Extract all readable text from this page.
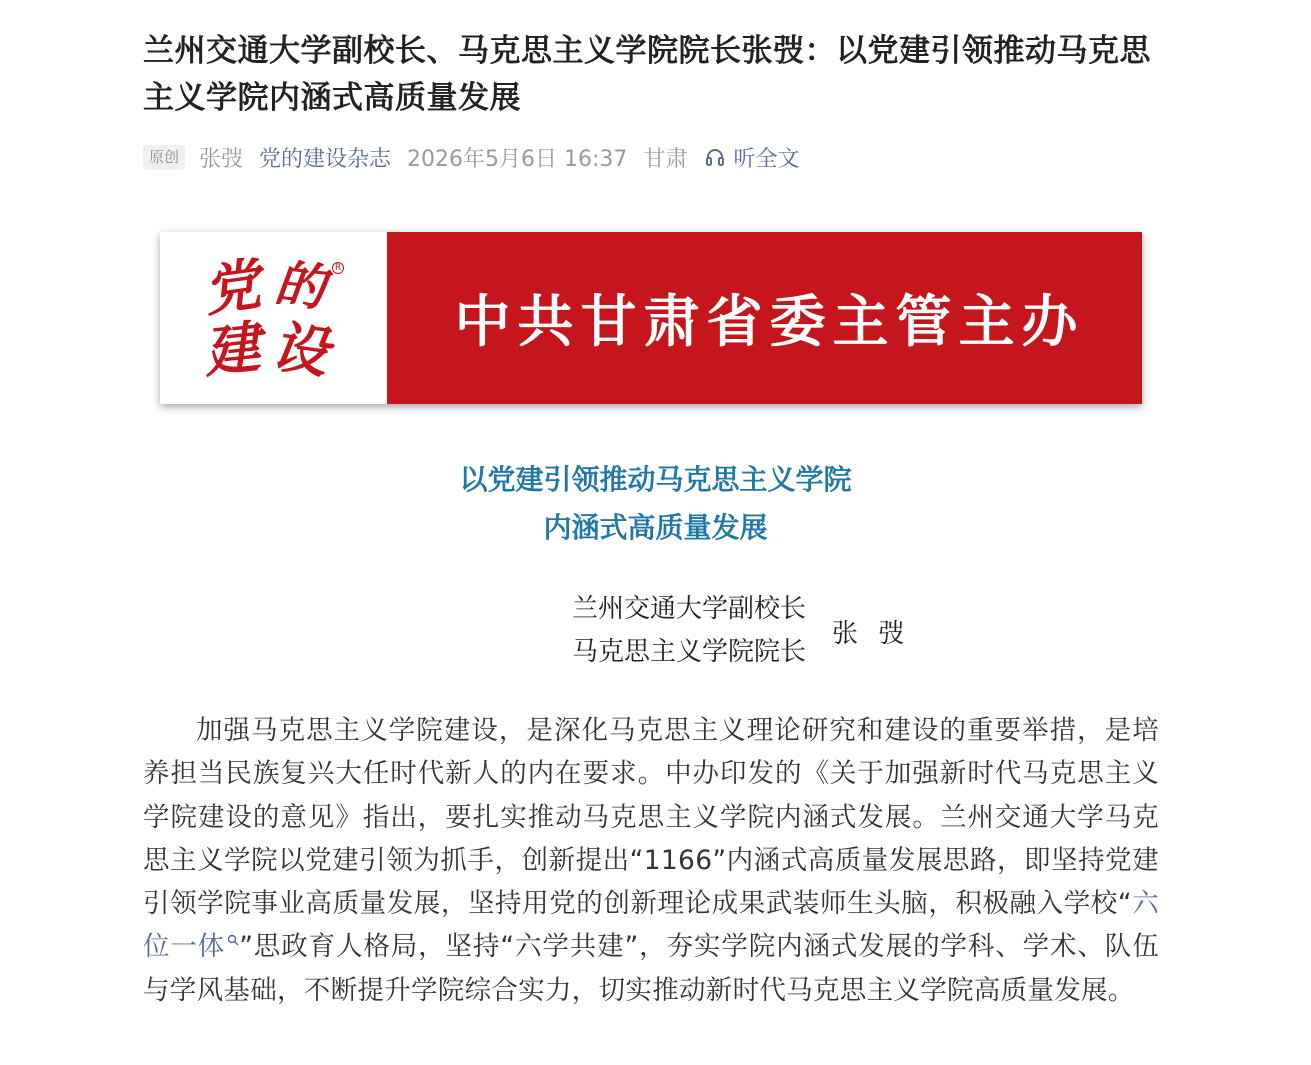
兰州交通大学副校长、马克思主义学院院长张弢：以党建引领推动马克思主义学院内涵式高质量发展
原创 张弢 党的建设杂志 2026年5月6日 16:37 甘肃 听全文
党 的
建 设
R
中共甘肃省委主管主办
以党建引领推动马克思主义学院
内涵式高质量发展
兰州交通大学副校长
马克思主义学院院长
张 弢

加强马克思主义学院建设，是深化马克思主义理论研究和建设的重要举措，是培养担当民族复兴大任时代新人的内在要求。中办印发的《关于加强新时代马克思主义学院建设的意见》指出，要扎实推动马克思主义学院内涵式发展。兰州交通大学马克思主义学院以党建引领为抓手，创新提出“1166”内涵式高质量发展思路，即坚持党建引领学院事业高质量发展，坚持用党的创新理论成果武装师生头脑，积极融入学校“六位一体 ”思政育人格局，坚持“六学共建”，夯实学院内涵式发展的学科、学术、队伍与学风基础，不断提升学院综合实力，切实推动新时代马克思主义学院高质量发展。
